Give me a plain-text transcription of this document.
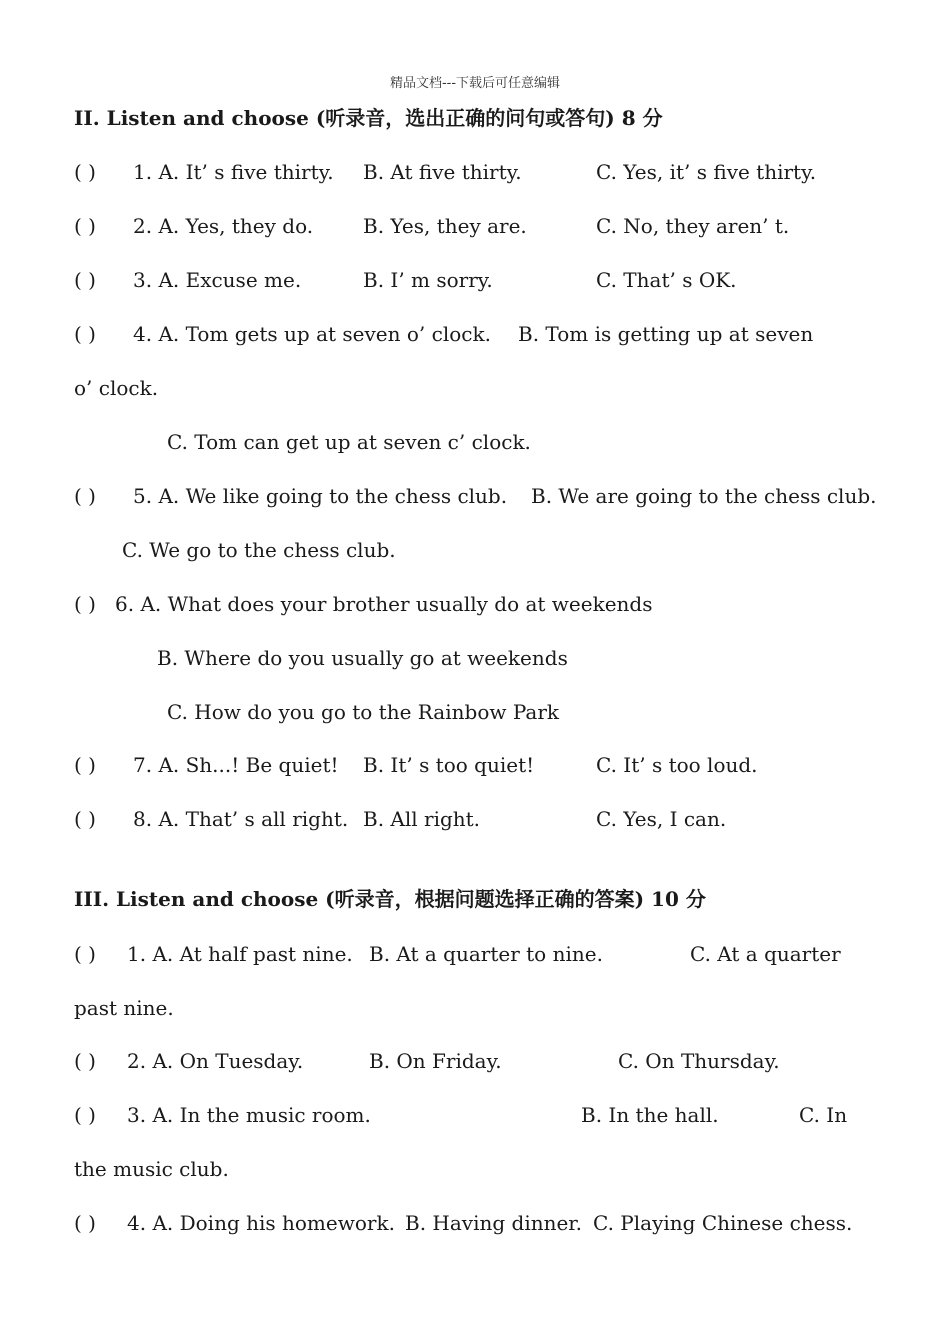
精品文档---下载后可任意编辑
II. Listen and choose (听录音，选出正确的问句或答句) 8 分
( ) 1. A. It’ s five thirty. B. At five thirty.	C. Yes, it’ s five thirty.
( ) 2. A. Yes, they do. B. Yes, they are.	C. No, they aren’ t.
( ) 3. A. Excuse me.	B. I’ m sorry.	C. That’ s OK.
( ) 4. A. Tom gets up at seven o’ clock. B. Tom is getting up at seven
o’ clock.
C. Tom can get up at seven c’ clock.
( ) 5. A. We like going to the chess club. B. We are going to the chess club.
C. We go to the chess club.
( ) 6. A. What does your brother usually do at weekends
B. Where do you usually go at weekends
C. How do you go to the Rainbow Park
( ) 7. A. Sh...! Be quiet! B. It’ s too quiet!	C. It’ s too loud.
( ) 8. A. That’ s all right. B. All right.	C. Yes, I can.
III. Listen and choose (听录音，根据问题选择正确的答案) 10 分
( ) 1. A. At half past nine. B. At a quarter to nine.	C. At a quarter
past nine.
( ) 2. A. On Tuesday.	B. On Friday.	C. On Thursday.
( ) 3. A. In the music room.	B. In the hall.	C. In
the music club.
( ) 4. A. Doing his homework. B. Having dinner. C. Playing Chinese chess.
